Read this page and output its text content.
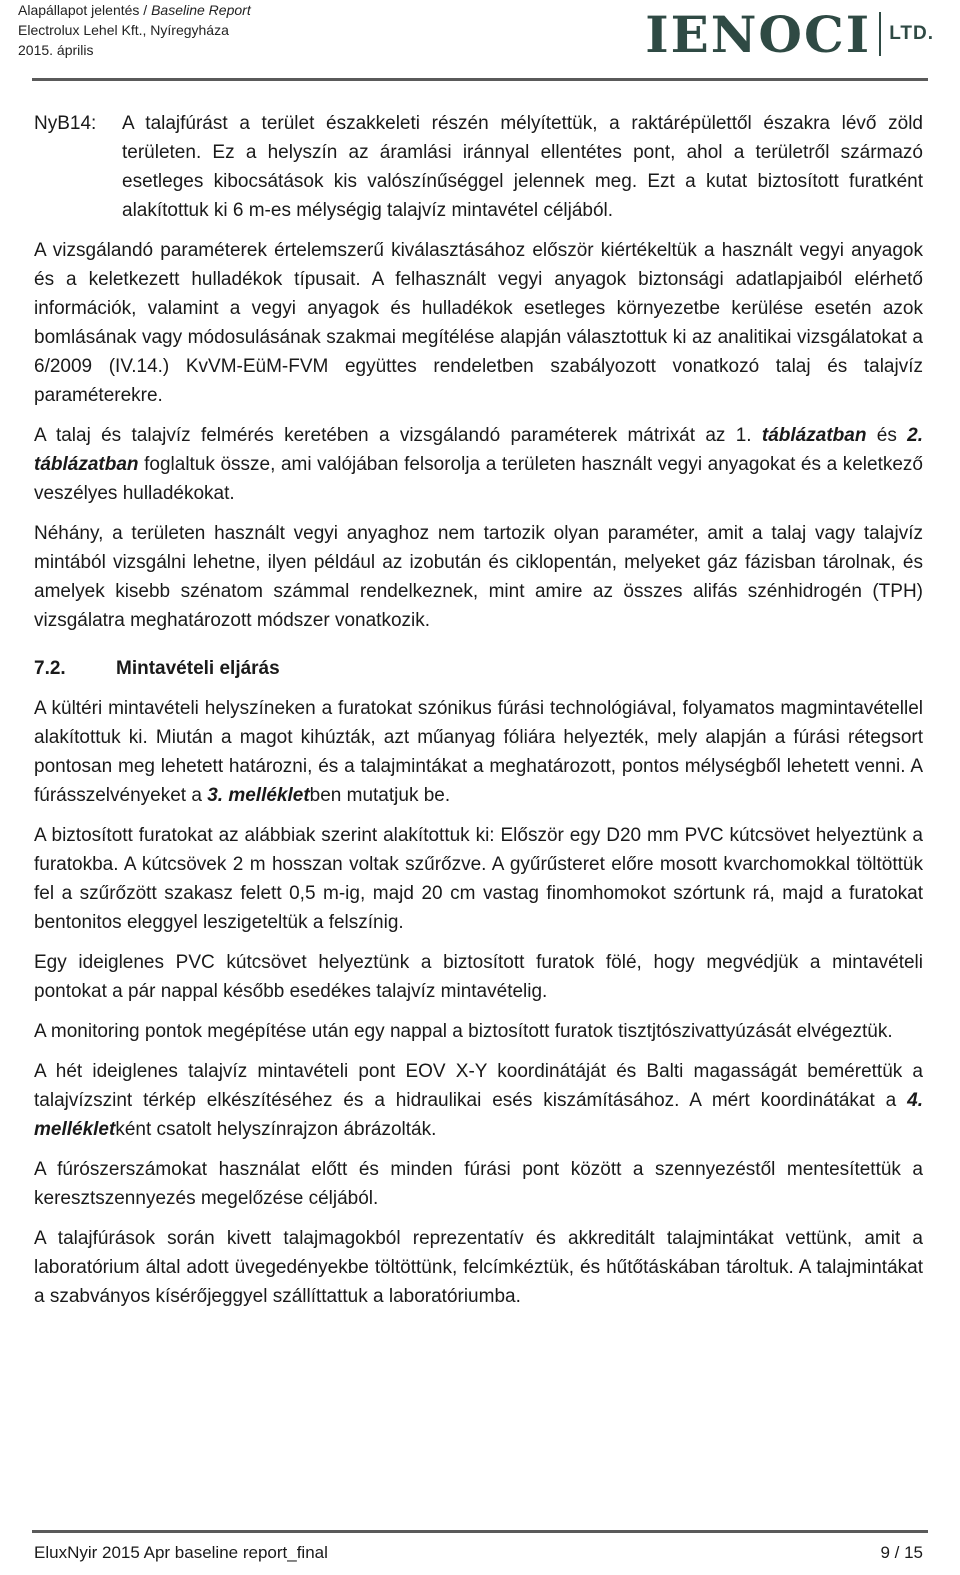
Alapállapot jelentés / Baseline Report
Electrolux Lehel Kft., Nyíregyháza
2015. április	IENOCI LTD.
NyB14:	A talajfúrást a terület északkeleti részén mélyítettük, a raktárépülettől északra lévő zöld területen. Ez a helyszín az áramlási iránnyal ellentétes pont, ahol a területről származó esetleges kibocsátások kis valószínűséggel jelennek meg. Ezt a kutat biztosított furatként alakítottuk ki 6 m-es mélységig talajvíz mintavétel céljából.

A vizsgálandó paraméterek értelemszerű kiválasztásához először kiértékeltük a használt vegyi anyagok és a keletkezett hulladékok típusait. A felhasznált vegyi anyagok biztonsági adatlapjaiból elérhető információk, valamint a vegyi anyagok és hulladékok esetleges környezetbe kerülése esetén azok bomlásának vagy módosulásának szakmai megítélése alapján választottuk ki az analitikai vizsgálatokat a 6/2009 (IV.14.) KvVM-EüM-FVM együttes rendeletben szabályozott vonatkozó talaj és talajvíz paraméterekre.

A talaj és talajvíz felmérés keretében a vizsgálandó paraméterek mátrixát az 1. táblázatban és 2. táblázatban foglaltuk össze, ami valójában felsorolja a területen használt vegyi anyagokat és a keletkező veszélyes hulladékokat.

Néhány, a területen használt vegyi anyaghoz nem tartozik olyan paraméter, amit a talaj vagy talajvíz mintából vizsgálni lehetne, ilyen például az izobután és ciklopentán, melyeket gáz fázisban tárolnak, és amelyek kisebb szénatom számmal rendelkeznek, mint amire az összes alifás szénhidrogén (TPH) vizsgálatra meghatározott módszer vonatkozik.

7.2.	Mintavételi eljárás

A kültéri mintavételi helyszíneken a furatokat szónikus fúrási technológiával, folyamatos magmintavétellel alakítottuk ki. Miután a magot kihúzták, azt műanyag fóliára helyezték, mely alapján a fúrási rétegsort pontosan meg lehetett határozni, és a talajmintákat a meghatározott, pontos mélységből lehetett venni. A fúrásszelvényeket a 3. mellékletben mutatjuk be.

A biztosított furatokat az alábbiak szerint alakítottuk ki: Először egy D20 mm PVC kútcsövet helyeztünk a furatokba. A kútcsövek 2 m hosszan voltak szűrőzve. A gyűrűsteret előre mosott kvarchomokkal töltöttük fel a szűrőzött szakasz felett 0,5 m-ig, majd 20 cm vastag finomhomokot szórtunk rá, majd a furatokat bentonitos eleggyel leszigeteltük a felszínig.

Egy ideiglenes PVC kútcsövet helyeztünk a biztosított furatok fölé, hogy megvédjük a mintavételi pontokat a pár nappal később esedékes talajvíz mintavételig.

A monitoring pontok megépítése után egy nappal a biztosított furatok tisztjtószivattyúzását elvégeztük.

A hét ideiglenes talajvíz mintavételi pont EOV X-Y koordinátáját és Balti magasságát bemérettük a talajvízszint térkép elkészítéséhez és a hidraulikai esés kiszámításához. A mért koordinátákat a 4. mellékletként csatolt helyszínrajzon ábrázolták.

A fúrószerszámokat használat előtt és minden fúrási pont között a szennyezéstől mentesítettük a keresztszennyezés megelőzése céljából.

A talajfúrások során kivett talajmagokból reprezentatív és akkreditált talajmintákat vettünk, amit a laboratórium által adott üvegedényekbe töltöttünk, felcímkéztük, és hűtőtáskában tároltuk. A talajmintákat a szabványos kísérőjeggyel szállíttattuk a laboratóriumba.

EluxNyir 2015 Apr baseline report_final	9 / 15
